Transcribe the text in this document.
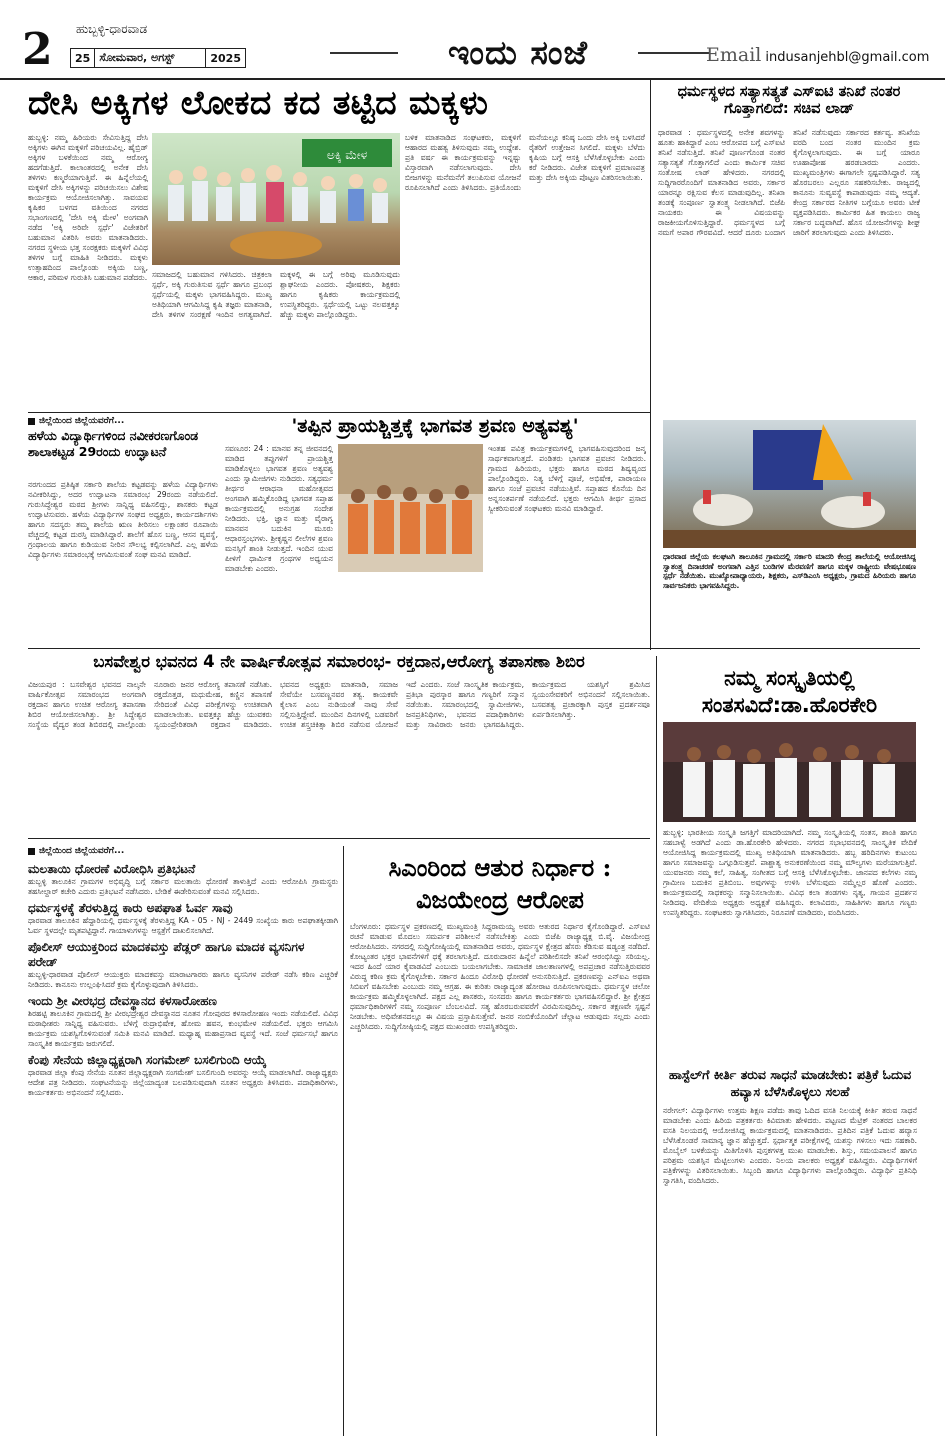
2 ಹುಬ್ಬಳ್ಳಿ-ಧಾರವಾಡ
25 ಸೋಮವಾರ, ಅಗಸ್ಟ್	2025	ಇಂದು ಸಂಜೆ	Email indusanjehbl@gmail.com
ದೇಸಿ ಅಕ್ಕಿಗಳ ಲೋಕದ ಕದ ತಟ್ಟಿದ ಮಕ್ಕಳು
ಹುಬ್ಬಳ್ಳಿ: ನಮ್ಮ ಹಿರಿಯರು ಸೇವಿಸುತ್ತಿದ್ದ ದೇಸಿ ಅಕ್ಕಿಗಳು ಈಗಿನ ಮಕ್ಕಳಿಗೆ ಪರಿಚಯವಿಲ್ಲ. ಹೈಬ್ರಿಡ್ ಅಕ್ಕಿಗಳ ಬಳಕೆಯಿಂದ ನಮ್ಮ ಆರೋಗ್ಯ ಹದಗೆಡುತ್ತಿದೆ. ಕಾಲಾಂತರದಲ್ಲಿ ಅನೇಕ ದೇಸಿ ತಳಿಗಳು ಕಣ್ಮರೆಯಾಗುತ್ತಿವೆ. ಈ ಹಿನ್ನೆಲೆಯಲ್ಲಿ ಮಕ್ಕಳಿಗೆ ದೇಸಿ ಅಕ್ಕಿಗಳನ್ನು ಪರಿಚಯಿಸಲು ವಿಶೇಷ ಕಾರ್ಯಕ್ರಮ ಆಯೋಜಿಸಲಾಗಿತ್ತು. ಸಾವಯವ ಕೃಷಿಕರ ಬಳಗದ ವತಿಯಿಂದ ನಗರದ ಸಭಾಂಗಣದಲ್ಲಿ 'ದೇಸಿ ಅಕ್ಕಿ ಮೇಳ' ಅಂಗವಾಗಿ ನಡೆದ 'ಅಕ್ಕಿ ಅರಿವೇ ಸ್ಪರ್ಧೆ' ವಿಜೇತರಿಗೆ ಬಹುಮಾನ ವಿತರಿಸಿ ಅವರು ಮಾತನಾಡಿದರು. ನಗರದ ಸ್ಥಳೀಯ ಭತ್ತ ಸಂರಕ್ಷಕರು ಮಕ್ಕಳಿಗೆ ವಿವಿಧ ತಳಿಗಳ ಬಗ್ಗೆ ಮಾಹಿತಿ ನೀಡಿದರು. ಮಕ್ಕಳು ಉತ್ಸಾಹದಿಂದ ಪಾಲ್ಗೊಂಡು ಅಕ್ಕಿಯ ಬಣ್ಣ, ಆಕಾರ, ಪರಿಮಳ ಗುರುತಿಸಿ ಬಹುಮಾನ ಪಡೆದರು.
ಅಕ್ಕಿ ಮೇಳ
ಸಮಾಜದಲ್ಲಿ ಬಹುಮಾನ ಗಳಿಸಿದರು. ಚಿತ್ರಕಲಾ ಸ್ಪರ್ಧೆ, ಅಕ್ಕಿ ಗುರುತಿಸುವ ಸ್ಪರ್ಧೆ ಹಾಗೂ ಪ್ರಬಂಧ ಸ್ಪರ್ಧೆಯಲ್ಲಿ ಮಕ್ಕಳು ಭಾಗವಹಿಸಿದ್ದರು. ಮುಖ್ಯ ಅತಿಥಿಯಾಗಿ ಆಗಮಿಸಿದ್ದ ಕೃಷಿ ತಜ್ಞರು ಮಾತನಾಡಿ, ದೇಸಿ ತಳಿಗಳ ಸಂರಕ್ಷಣೆ ಇಂದಿನ ಅಗತ್ಯವಾಗಿದೆ. ಮಕ್ಕಳಲ್ಲಿ ಈ ಬಗ್ಗೆ ಅರಿವು ಮೂಡಿಸುವುದು ಶ್ಲಾಘನೀಯ ಎಂದರು. ಪೋಷಕರು, ಶಿಕ್ಷಕರು ಹಾಗೂ ಕೃಷಿಕರು ಕಾರ್ಯಕ್ರಮದಲ್ಲಿ ಉಪಸ್ಥಿತರಿದ್ದರು. ಸ್ಪರ್ಧೆಯಲ್ಲಿ ಒಟ್ಟು ನಲವತ್ತಕ್ಕೂ ಹೆಚ್ಚು ಮಕ್ಕಳು ಪಾಲ್ಗೊಂಡಿದ್ದರು.
ಬಳಿಕ ಮಾತನಾಡಿದ ಸಂಘಟಕರು, ಮಕ್ಕಳಿಗೆ ಆಹಾರದ ಮಹತ್ವ ತಿಳಿಸುವುದು ನಮ್ಮ ಉದ್ದೇಶ. ಪ್ರತಿ ವರ್ಷ ಈ ಕಾರ್ಯಕ್ರಮವನ್ನು ಇನ್ನಷ್ಟು ವಿಸ್ತಾರವಾಗಿ ನಡೆಸಲಾಗುವುದು. ದೇಸಿ ಬೀಜಗಳನ್ನು ಮನೆಮನೆಗೆ ತಲುಪಿಸುವ ಯೋಜನೆ ರೂಪಿಸಲಾಗಿದೆ ಎಂದು ತಿಳಿಸಿದರು. ಪ್ರತಿಯೊಂದು ಮನೆಯಲ್ಲೂ ಕನಿಷ್ಠ ಒಂದು ದೇಸಿ ಅಕ್ಕಿ ಬಳಸಿದರೆ ರೈತರಿಗೆ ಉತ್ತೇಜನ ಸಿಗಲಿದೆ. ಮಕ್ಕಳು ಬೆಳೆದು ಕೃಷಿಯ ಬಗ್ಗೆ ಆಸಕ್ತಿ ಬೆಳೆಸಿಕೊಳ್ಳಬೇಕು ಎಂದು ಕರೆ ನೀಡಿದರು. ವಿಜೇತ ಮಕ್ಕಳಿಗೆ ಪ್ರಮಾಣಪತ್ರ ಮತ್ತು ದೇಸಿ ಅಕ್ಕಿಯ ಪೊಟ್ಟಣ ವಿತರಿಸಲಾಯಿತು.
ಧರ್ಮಸ್ಥಳದ ಸತ್ಯಾಸತ್ಯತೆ ಎಸ್‌ಐಟಿ ತನಿಖೆ ನಂತರ ಗೊತ್ತಾಗಲಿದೆ: ಸಚಿವ ಲಾಡ್
ಧಾರವಾಡ : ಧರ್ಮಸ್ಥಳದಲ್ಲಿ ಅನೇಕ ಶವಗಳನ್ನು ಹೂತು ಹಾಕಿದ್ದಾರೆ ಎಂಬ ಆರೋಪದ ಬಗ್ಗೆ ಎಸ್‌ಐಟಿ ತನಿಖೆ ನಡೆಸುತ್ತಿದೆ. ತನಿಖೆ ಪೂರ್ಣಗೊಂಡ ನಂತರ ಸತ್ಯಾಸತ್ಯತೆ ಗೊತ್ತಾಗಲಿದೆ ಎಂದು ಕಾರ್ಮಿಕ ಸಚಿವ ಸಂತೋಷ ಲಾಡ್ ಹೇಳಿದರು. ನಗರದಲ್ಲಿ ಸುದ್ದಿಗಾರರೊಂದಿಗೆ ಮಾತನಾಡಿದ ಅವರು, ಸರ್ಕಾರ ಯಾರನ್ನೂ ರಕ್ಷಿಸುವ ಕೆಲಸ ಮಾಡುವುದಿಲ್ಲ. ತನಿಖಾ ತಂಡಕ್ಕೆ ಸಂಪೂರ್ಣ ಸ್ವಾತಂತ್ರ್ಯ ನೀಡಲಾಗಿದೆ. ಬಿಜೆಪಿ ನಾಯಕರು ಈ ವಿಷಯವನ್ನು ರಾಜಕೀಯಗೊಳಿಸುತ್ತಿದ್ದಾರೆ. ಧರ್ಮಸ್ಥಳದ ಬಗ್ಗೆ ನಮಗೆ ಅಪಾರ ಗೌರವವಿದೆ. ಆದರೆ ದೂರು ಬಂದಾಗ ತನಿಖೆ ನಡೆಸುವುದು ಸರ್ಕಾರದ ಕರ್ತವ್ಯ. ತನಿಖೆಯ ವರದಿ ಬಂದ ನಂತರ ಮುಂದಿನ ಕ್ರಮ ಕೈಗೊಳ್ಳಲಾಗುವುದು. ಈ ಬಗ್ಗೆ ಯಾರೂ ಊಹಾಪೋಹ ಹರಡಬಾರದು ಎಂದರು. ಮುಖ್ಯಮಂತ್ರಿಗಳು ಈಗಾಗಲೇ ಸ್ಪಷ್ಟಪಡಿಸಿದ್ದಾರೆ. ಸತ್ಯ ಹೊರಬರಲು ಎಲ್ಲರೂ ಸಹಕರಿಸಬೇಕು. ರಾಜ್ಯದಲ್ಲಿ ಕಾನೂನು ಸುವ್ಯವಸ್ಥೆ ಕಾಪಾಡುವುದು ನಮ್ಮ ಆದ್ಯತೆ. ಕೇಂದ್ರ ಸರ್ಕಾರದ ನೀತಿಗಳ ಬಗ್ಗೆಯೂ ಅವರು ಟೀಕೆ ವ್ಯಕ್ತಪಡಿಸಿದರು. ಕಾರ್ಮಿಕರ ಹಿತ ಕಾಯಲು ರಾಜ್ಯ ಸರ್ಕಾರ ಬದ್ಧವಾಗಿದೆ. ಹೊಸ ಯೋಜನೆಗಳನ್ನು ಶೀಘ್ರ ಜಾರಿಗೆ ತರಲಾಗುವುದು ಎಂದು ತಿಳಿಸಿದರು.
ಜಿಲ್ಲೆಯಿಂದ ಜಿಲ್ಲೆಯವರೆಗೆ...
ಹಳೆಯ ವಿದ್ಯಾರ್ಥಿಗಳಿಂದ ನವೀಕರಣಗೊಂಡ ಶಾಲಾಕಟ್ಟಡ 29ರಂದು ಉದ್ಘಾಟನೆ
ನರಗುಂದದ ಪ್ರತಿಷ್ಠಿತ ಸರ್ಕಾರಿ ಶಾಲೆಯ ಕಟ್ಟಡವನ್ನು ಹಳೆಯ ವಿದ್ಯಾರ್ಥಿಗಳು ನವೀಕರಿಸಿದ್ದು, ಅದರ ಉದ್ಘಾಟನಾ ಸಮಾರಂಭ 29ರಂದು ನಡೆಯಲಿದೆ. ಗುರುಸಿದ್ಧೇಶ್ವರ ಮಠದ ಶ್ರೀಗಳು ಸಾನ್ನಿಧ್ಯ ವಹಿಸಲಿದ್ದು, ಶಾಸಕರು ಕಟ್ಟಡ ಉದ್ಘಾಟಿಸುವರು. ಹಳೆಯ ವಿದ್ಯಾರ್ಥಿಗಳ ಸಂಘದ ಅಧ್ಯಕ್ಷರು, ಕಾರ್ಯದರ್ಶಿಗಳು ಹಾಗೂ ಸದಸ್ಯರು ತಮ್ಮ ಶಾಲೆಯ ಋಣ ತೀರಿಸಲು ಲಕ್ಷಾಂತರ ರೂಪಾಯಿ ವೆಚ್ಚದಲ್ಲಿ ಕಟ್ಟಡ ದುರಸ್ತಿ ಮಾಡಿಸಿದ್ದಾರೆ. ಶಾಲೆಗೆ ಹೊಸ ಬಣ್ಣ, ಆಸನ ವ್ಯವಸ್ಥೆ, ಗ್ರಂಥಾಲಯ ಹಾಗೂ ಕುಡಿಯುವ ನೀರಿನ ಸೌಲಭ್ಯ ಕಲ್ಪಿಸಲಾಗಿದೆ. ಎಲ್ಲ ಹಳೆಯ ವಿದ್ಯಾರ್ಥಿಗಳು ಸಮಾರಂಭಕ್ಕೆ ಆಗಮಿಸುವಂತೆ ಸಂಘ ಮನವಿ ಮಾಡಿದೆ.
'ತಪ್ಪಿನ ಪ್ರಾಯಶ್ಚಿತ್ತಕ್ಕೆ ಭಾಗವತ ಶ್ರವಣ ಅತ್ಯವಶ್ಯ'
ಸವಣೂರ: 24 : ಮಾನವ ತನ್ನ ಜೀವನದಲ್ಲಿ ಮಾಡಿದ ತಪ್ಪುಗಳಿಗೆ ಪ್ರಾಯಶ್ಚಿತ್ತ ಮಾಡಿಕೊಳ್ಳಲು ಭಾಗವತ ಶ್ರವಣ ಅತ್ಯವಶ್ಯ ಎಂದು ಸ್ವಾಮೀಜಿಗಳು ನುಡಿದರು. ಸತ್ಯಧರ್ಮ ತೀರ್ಥರ ಆರಾಧನಾ ಮಹೋತ್ಸವದ ಅಂಗವಾಗಿ ಹಮ್ಮಿಕೊಂಡಿದ್ದ ಭಾಗವತ ಸಪ್ತಾಹ ಕಾರ್ಯಕ್ರಮದಲ್ಲಿ ಅನುಗ್ರಹ ಸಂದೇಶ ನೀಡಿದರು. ಭಕ್ತಿ, ಜ್ಞಾನ ಮತ್ತು ವೈರಾಗ್ಯ ಮಾನವನ ಬದುಕಿನ ಮೂರು ಆಧಾರಸ್ತಂಭಗಳು. ಶ್ರೀಕೃಷ್ಣನ ಲೀಲೆಗಳ ಶ್ರವಣ ಮನಸ್ಸಿಗೆ ಶಾಂತಿ ನೀಡುತ್ತದೆ. ಇಂದಿನ ಯುವ ಪೀಳಿಗೆ ಧಾರ್ಮಿಕ ಗ್ರಂಥಗಳ ಅಧ್ಯಯನ ಮಾಡಬೇಕು ಎಂದರು.
ಇಂತಹ ಪವಿತ್ರ ಕಾರ್ಯಕ್ರಮಗಳಲ್ಲಿ ಭಾಗವಹಿಸುವುದರಿಂದ ಜನ್ಮ ಸಾರ್ಥಕವಾಗುತ್ತದೆ. ಪಂಡಿತರು ಭಾಗವತ ಪ್ರವಚನ ನೀಡಿದರು. ಗ್ರಾಮದ ಹಿರಿಯರು, ಭಕ್ತರು ಹಾಗೂ ಮಠದ ಶಿಷ್ಯವೃಂದ ಪಾಲ್ಗೊಂಡಿದ್ದರು. ನಿತ್ಯ ಬೆಳಿಗ್ಗೆ ಪೂಜೆ, ಅಭಿಷೇಕ, ಪಾರಾಯಣ ಹಾಗೂ ಸಂಜೆ ಪ್ರವಚನ ನಡೆಯುತ್ತಿವೆ. ಸಪ್ತಾಹದ ಕೊನೆಯ ದಿನ ಅನ್ನಸಂತರ್ಪಣೆ ನಡೆಯಲಿದೆ. ಭಕ್ತರು ಆಗಮಿಸಿ ತೀರ್ಥ ಪ್ರಸಾದ ಸ್ವೀಕರಿಸುವಂತೆ ಸಂಘಟಕರು ಮನವಿ ಮಾಡಿದ್ದಾರೆ.
ಧಾರವಾಡ ಜಿಲ್ಲೆಯ ಕಲಘಟಗಿ ತಾಲೂಕಿನ ಗ್ರಾಮದಲ್ಲಿ ಸರ್ಕಾರಿ ಮಾದರಿ ಕೇಂದ್ರ ಶಾಲೆಯಲ್ಲಿ ಆಯೋಜಿಸಿದ್ದ ಸ್ವಾತಂತ್ರ್ಯ ದಿನಾಚರಣೆ ಅಂಗವಾಗಿ ಎತ್ತಿನ ಬಂಡಿಗಳ ಮೆರವಣಿಗೆ ಹಾಗೂ ಮಕ್ಕಳ ರಾಷ್ಟ್ರೀಯ ವೇಷಭೂಷಣ ಸ್ಪರ್ಧೆ ನಡೆಯಿತು. ಮುಖ್ಯೋಪಾಧ್ಯಾಯರು, ಶಿಕ್ಷಕರು, ಎಸ್‌ಡಿಎಂಸಿ ಅಧ್ಯಕ್ಷರು, ಗ್ರಾಮದ ಹಿರಿಯರು ಹಾಗೂ ಸಾರ್ವಜನಿಕರು ಭಾಗವಹಿಸಿದ್ದರು.
ಬಸವೇಶ್ವರ ಭವನದ 4 ನೇ ವಾರ್ಷಿಕೋತ್ಸವ ಸಮಾರಂಭ- ರಕ್ತದಾನ,ಆರೋಗ್ಯ ತಪಾಸಣಾ ಶಿಬಿರ
ವಿಜಯಪುರ : ಬಸವೇಶ್ವರ ಭವನದ ನಾಲ್ಕನೇ ವಾರ್ಷಿಕೋತ್ಸವ ಸಮಾರಂಭದ ಅಂಗವಾಗಿ ರಕ್ತದಾನ ಹಾಗೂ ಉಚಿತ ಆರೋಗ್ಯ ತಪಾಸಣಾ ಶಿಬಿರ ಆಯೋಜಿಸಲಾಗಿತ್ತು. ಶ್ರೀ ಸಿದ್ಧೇಶ್ವರ ಸಂಸ್ಥೆಯ ವೈದ್ಯರ ತಂಡ ಶಿಬಿರದಲ್ಲಿ ಪಾಲ್ಗೊಂಡು ನೂರಾರು ಜನರ ಆರೋಗ್ಯ ತಪಾಸಣೆ ನಡೆಸಿತು. ರಕ್ತದೊತ್ತಡ, ಮಧುಮೇಹ, ಕಣ್ಣಿನ ತಪಾಸಣೆ ಸೇರಿದಂತೆ ವಿವಿಧ ಪರೀಕ್ಷೆಗಳನ್ನು ಉಚಿತವಾಗಿ ಮಾಡಲಾಯಿತು. ಐವತ್ತಕ್ಕೂ ಹೆಚ್ಚು ಯುವಕರು ಸ್ವಯಂಪ್ರೇರಿತರಾಗಿ ರಕ್ತದಾನ ಮಾಡಿದರು. ಭವನದ ಅಧ್ಯಕ್ಷರು ಮಾತನಾಡಿ, ಸಮಾಜ ಸೇವೆಯೇ ಬಸವಣ್ಣನವರ ತತ್ವ. ಕಾಯಕವೇ ಕೈಲಾಸ ಎಂಬ ನುಡಿಯಂತೆ ನಾವು ಸೇವೆ ಸಲ್ಲಿಸುತ್ತಿದ್ದೇವೆ. ಮುಂದಿನ ದಿನಗಳಲ್ಲಿ ಬಡವರಿಗೆ ಉಚಿತ ಶಸ್ತ್ರಚಿಕಿತ್ಸಾ ಶಿಬಿರ ನಡೆಸುವ ಯೋಜನೆ ಇದೆ ಎಂದರು. ಸಂಜೆ ಸಾಂಸ್ಕೃತಿಕ ಕಾರ್ಯಕ್ರಮ, ಪ್ರತಿಭಾ ಪುರಸ್ಕಾರ ಹಾಗೂ ಗಣ್ಯರಿಗೆ ಸನ್ಮಾನ ನಡೆಯಿತು. ಸಮಾರಂಭದಲ್ಲಿ ಸ್ವಾಮೀಜಿಗಳು, ಜನಪ್ರತಿನಿಧಿಗಳು, ಭವನದ ಪದಾಧಿಕಾರಿಗಳು ಮತ್ತು ಸಾವಿರಾರು ಜನರು ಭಾಗವಹಿಸಿದ್ದರು. ಕಾರ್ಯಕ್ರಮದ ಯಶಸ್ಸಿಗೆ ಶ್ರಮಿಸಿದ ಸ್ವಯಂಸೇವಕರಿಗೆ ಅಭಿನಂದನೆ ಸಲ್ಲಿಸಲಾಯಿತು. ಬಸವತತ್ವ ಪ್ರಚಾರಕ್ಕಾಗಿ ಪುಸ್ತಕ ಪ್ರದರ್ಶನವೂ ಏರ್ಪಡಿಸಲಾಗಿತ್ತು.
ನಮ್ಮ ಸಂಸ್ಕೃತಿಯಲ್ಲಿ ಸಂತಸವಿದೆ:ಡಾ.ಹೊರಕೇರಿ
ಹುಬ್ಬಳ್ಳಿ: ಭಾರತೀಯ ಸಂಸ್ಕೃತಿ ಜಗತ್ತಿಗೆ ಮಾದರಿಯಾಗಿದೆ. ನಮ್ಮ ಸಂಸ್ಕೃತಿಯಲ್ಲಿ ಸಂತಸ, ಶಾಂತಿ ಹಾಗೂ ಸಹಬಾಳ್ವೆ ಅಡಗಿದೆ ಎಂದು ಡಾ.ಹೊರಕೇರಿ ಹೇಳಿದರು. ನಗರದ ಸಭಾಭವನದಲ್ಲಿ ಸಾಂಸ್ಕೃತಿಕ ವೇದಿಕೆ ಆಯೋಜಿಸಿದ್ದ ಕಾರ್ಯಕ್ರಮದಲ್ಲಿ ಮುಖ್ಯ ಅತಿಥಿಯಾಗಿ ಮಾತನಾಡಿದರು. ಹಬ್ಬ ಹರಿದಿನಗಳು ಕುಟುಂಬ ಹಾಗೂ ಸಮಾಜವನ್ನು ಒಗ್ಗೂಡಿಸುತ್ತವೆ. ಪಾಶ್ಚಾತ್ಯ ಅನುಕರಣೆಯಿಂದ ನಮ್ಮ ಮೌಲ್ಯಗಳು ಮರೆಯಾಗುತ್ತಿವೆ. ಯುವಜನರು ನಮ್ಮ ಕಲೆ, ಸಾಹಿತ್ಯ, ಸಂಗೀತದ ಬಗ್ಗೆ ಆಸಕ್ತಿ ಬೆಳೆಸಿಕೊಳ್ಳಬೇಕು. ಜಾನಪದ ಕಲೆಗಳು ನಮ್ಮ ಗ್ರಾಮೀಣ ಬದುಕಿನ ಪ್ರತಿಬಿಂಬ. ಅವುಗಳನ್ನು ಉಳಿಸಿ ಬೆಳೆಸುವುದು ನಮ್ಮೆಲ್ಲರ ಹೊಣೆ ಎಂದರು. ಕಾರ್ಯಕ್ರಮದಲ್ಲಿ ಸಾಧಕರನ್ನು ಸನ್ಮಾನಿಸಲಾಯಿತು. ವಿವಿಧ ಕಲಾ ತಂಡಗಳು ನೃತ್ಯ, ಗಾಯನ ಪ್ರದರ್ಶನ ನೀಡಿದವು. ವೇದಿಕೆಯ ಅಧ್ಯಕ್ಷರು ಅಧ್ಯಕ್ಷತೆ ವಹಿಸಿದ್ದರು. ಕಲಾವಿದರು, ಸಾಹಿತಿಗಳು ಹಾಗೂ ಗಣ್ಯರು ಉಪಸ್ಥಿತರಿದ್ದರು. ಸಂಘಟಕರು ಸ್ವಾಗತಿಸಿದರು, ನಿರೂಪಣೆ ಮಾಡಿದರು, ವಂದಿಸಿದರು.
ಹಾಸ್ಟೆಲ್‌ಗೆ ಕೀರ್ತಿ ತರುವ ಸಾಧನೆ ಮಾಡಬೇಕು: ಪತ್ರಿಕೆ ಓದುವ ಹವ್ಯಾಸ ಬೆಳೆಸಿಕೊಳ್ಳಲು ಸಲಹೆ
ನರೇಗಲ್: ವಿದ್ಯಾರ್ಥಿಗಳು ಉತ್ತಮ ಶಿಕ್ಷಣ ಪಡೆದು ತಾವು ಓದಿದ ವಸತಿ ನಿಲಯಕ್ಕೆ ಕೀರ್ತಿ ತರುವ ಸಾಧನೆ ಮಾಡಬೇಕು ಎಂದು ಹಿರಿಯ ಪತ್ರಕರ್ತರು ಕಿವಿಮಾತು ಹೇಳಿದರು. ಪಟ್ಟಣದ ಮೆಟ್ರಿಕ್ ನಂತರದ ಬಾಲಕರ ವಸತಿ ನಿಲಯದಲ್ಲಿ ಆಯೋಜಿಸಿದ್ದ ಕಾರ್ಯಕ್ರಮದಲ್ಲಿ ಮಾತನಾಡಿದರು. ಪ್ರತಿದಿನ ಪತ್ರಿಕೆ ಓದುವ ಹವ್ಯಾಸ ಬೆಳೆಸಿಕೊಂಡರೆ ಸಾಮಾನ್ಯ ಜ್ಞಾನ ಹೆಚ್ಚುತ್ತದೆ. ಸ್ಪರ್ಧಾತ್ಮಕ ಪರೀಕ್ಷೆಗಳಲ್ಲಿ ಯಶಸ್ಸು ಗಳಿಸಲು ಇದು ಸಹಕಾರಿ. ಮೊಬೈಲ್ ಬಳಕೆಯನ್ನು ಮಿತಿಗೊಳಿಸಿ ಪುಸ್ತಕಗಳತ್ತ ಮುಖ ಮಾಡಬೇಕು. ಶಿಸ್ತು, ಸಮಯಪಾಲನೆ ಹಾಗೂ ಪರಿಶ್ರಮ ಯಶಸ್ಸಿನ ಮೆಟ್ಟಿಲುಗಳು ಎಂದರು. ನಿಲಯ ಪಾಲಕರು ಅಧ್ಯಕ್ಷತೆ ವಹಿಸಿದ್ದರು. ವಿದ್ಯಾರ್ಥಿಗಳಿಗೆ ಪತ್ರಿಕೆಗಳನ್ನು ವಿತರಿಸಲಾಯಿತು. ಸಿಬ್ಬಂದಿ ಹಾಗೂ ವಿದ್ಯಾರ್ಥಿಗಳು ಪಾಲ್ಗೊಂಡಿದ್ದರು. ವಿದ್ಯಾರ್ಥಿ ಪ್ರತಿನಿಧಿ ಸ್ವಾಗತಿಸಿ, ವಂದಿಸಿದರು.
ಜಿಲ್ಲೆಯಿಂದ ಜಿಲ್ಲೆಯವರೆಗೆ...
ಮಲತಾಯಿ ಧೋರಣೆ ವಿರೋಧಿಸಿ ಪ್ರತಿಭಟನೆ
ಹುಬ್ಬಳ್ಳಿ ತಾಲೂಕಿನ ಗ್ರಾಮಗಳ ಅಭಿವೃದ್ಧಿ ಬಗ್ಗೆ ಸರ್ಕಾರ ಮಲತಾಯಿ ಧೋರಣೆ ತಾಳುತ್ತಿದೆ ಎಂದು ಆರೋಪಿಸಿ ಗ್ರಾಮಸ್ಥರು ತಹಸೀಲ್ದಾರ್ ಕಚೇರಿ ಎದುರು ಪ್ರತಿಭಟನೆ ನಡೆಸಿದರು. ಬೇಡಿಕೆ ಈಡೇರಿಸುವಂತೆ ಮನವಿ ಸಲ್ಲಿಸಿದರು.
ಧರ್ಮಸ್ಥಳಕ್ಕೆ ತೆರಳುತ್ತಿದ್ದ ಕಾರು ಅಪಘಾತ ಓರ್ವ ಸಾವು
ಧಾರವಾಡ ತಾಲೂಕಿನ ಹೆದ್ದಾರಿಯಲ್ಲಿ ಧರ್ಮಸ್ಥಳಕ್ಕೆ ತೆರಳುತ್ತಿದ್ದ KA - 05 - NJ - 2449 ಸಂಖ್ಯೆಯ ಕಾರು ಅಪಘಾತಕ್ಕೀಡಾಗಿ ಓರ್ವ ಸ್ಥಳದಲ್ಲೇ ಮೃತಪಟ್ಟಿದ್ದಾನೆ. ಗಾಯಾಳುಗಳನ್ನು ಆಸ್ಪತ್ರೆಗೆ ದಾಖಲಿಸಲಾಗಿದೆ.
ಪೊಲೀಸ್ ಆಯುಕ್ತರಿಂದ ಮಾದಕವಸ್ತು ಪೆಡ್ಲರ್ ಹಾಗೂ ಮಾದಕ ವ್ಯಸನಿಗಳ ಪರೇಡ್
ಹುಬ್ಬಳ್ಳಿ-ಧಾರವಾಡ ಪೊಲೀಸ್ ಆಯುಕ್ತರು ಮಾದಕವಸ್ತು ಮಾರಾಟಗಾರರು ಹಾಗೂ ವ್ಯಸನಿಗಳ ಪರೇಡ್ ನಡೆಸಿ ಕಠಿಣ ಎಚ್ಚರಿಕೆ ನೀಡಿದರು. ಕಾನೂನು ಉಲ್ಲಂಘಿಸಿದರೆ ಕ್ರಮ ಕೈಗೊಳ್ಳುವುದಾಗಿ ತಿಳಿಸಿದರು.
ಇಂದು ಶ್ರೀ ವೀರಭದ್ರ ದೇವಸ್ಥಾನದ ಕಳಸಾರೋಹಣ
ಶಿರಹಟ್ಟಿ ತಾಲೂಕಿನ ಗ್ರಾಮದಲ್ಲಿ ಶ್ರೀ ವೀರಭದ್ರೇಶ್ವರ ದೇವಸ್ಥಾನದ ನೂತನ ಗೋಪುರದ ಕಳಸಾರೋಹಣ ಇಂದು ನಡೆಯಲಿದೆ. ವಿವಿಧ ಮಠಾಧೀಶರು ಸಾನ್ನಿಧ್ಯ ವಹಿಸುವರು. ಬೆಳಿಗ್ಗೆ ರುದ್ರಾಭಿಷೇಕ, ಹೋಮ ಹವನ, ಕುಂಭಮೇಳ ನಡೆಯಲಿದೆ. ಭಕ್ತರು ಆಗಮಿಸಿ ಕಾರ್ಯಕ್ರಮ ಯಶಸ್ವಿಗೊಳಿಸುವಂತೆ ಸಮಿತಿ ಮನವಿ ಮಾಡಿದೆ. ಮಧ್ಯಾಹ್ನ ಮಹಾಪ್ರಸಾದ ವ್ಯವಸ್ಥೆ ಇದೆ. ಸಂಜೆ ಧರ್ಮಸಭೆ ಹಾಗೂ ಸಾಂಸ್ಕೃತಿಕ ಕಾರ್ಯಕ್ರಮ ಜರುಗಲಿದೆ.
ಕೆಂಪು ಸೇನೆಯ ಜಿಲ್ಲಾಧ್ಯಕ್ಷರಾಗಿ ಸಂಗಮೇಶ್ ಬಸಲಿಗುಂದಿ ಆಯ್ಕೆ
ಧಾರವಾಡ ಜಿಲ್ಲಾ ಕೆಂಪು ಸೇನೆಯ ನೂತನ ಜಿಲ್ಲಾಧ್ಯಕ್ಷರಾಗಿ ಸಂಗಮೇಶ್ ಬಸಲಿಗುಂದಿ ಅವರನ್ನು ಆಯ್ಕೆ ಮಾಡಲಾಗಿದೆ. ರಾಜ್ಯಾಧ್ಯಕ್ಷರು ಆದೇಶ ಪತ್ರ ನೀಡಿದರು. ಸಂಘಟನೆಯನ್ನು ಜಿಲ್ಲೆಯಾದ್ಯಂತ ಬಲಪಡಿಸುವುದಾಗಿ ನೂತನ ಅಧ್ಯಕ್ಷರು ತಿಳಿಸಿದರು. ಪದಾಧಿಕಾರಿಗಳು, ಕಾರ್ಯಕರ್ತರು ಅಭಿನಂದನೆ ಸಲ್ಲಿಸಿದರು.
ಸಿಎಂರಿಂದ ಆತುರ ನಿರ್ಧಾರ :
ವಿಜಯೇಂದ್ರ ಆರೋಪ
ಬೆಂಗಳೂರು: ಧರ್ಮಸ್ಥಳ ಪ್ರಕರಣದಲ್ಲಿ ಮುಖ್ಯಮಂತ್ರಿ ಸಿದ್ದರಾಮಯ್ಯ ಅವರು ಆತುರದ ನಿರ್ಧಾರ ಕೈಗೊಂಡಿದ್ದಾರೆ. ಎಸ್‌ಐಟಿ ರಚನೆ ಮಾಡುವ ಮೊದಲು ಸಮರ್ಪಕ ಪರಿಶೀಲನೆ ನಡೆಸಬೇಕಿತ್ತು ಎಂದು ಬಿಜೆಪಿ ರಾಜ್ಯಾಧ್ಯಕ್ಷ ಬಿ.ವೈ. ವಿಜಯೇಂದ್ರ ಆರೋಪಿಸಿದರು. ನಗರದಲ್ಲಿ ಸುದ್ದಿಗೋಷ್ಠಿಯಲ್ಲಿ ಮಾತನಾಡಿದ ಅವರು, ಧರ್ಮಸ್ಥಳ ಕ್ಷೇತ್ರದ ಹೆಸರು ಕೆಡಿಸುವ ಷಡ್ಯಂತ್ರ ನಡೆದಿದೆ. ಕೋಟ್ಯಂತರ ಭಕ್ತರ ಭಾವನೆಗಳಿಗೆ ಧಕ್ಕೆ ತರಲಾಗುತ್ತಿದೆ. ದೂರುದಾರನ ಹಿನ್ನೆಲೆ ಪರಿಶೀಲಿಸದೇ ತನಿಖೆ ಆರಂಭಿಸಿದ್ದು ಸರಿಯಲ್ಲ. ಇದರ ಹಿಂದೆ ಯಾರ ಕೈವಾಡವಿದೆ ಎಂಬುದು ಬಯಲಾಗಬೇಕು. ಸಾಮಾಜಿಕ ಜಾಲತಾಣಗಳಲ್ಲಿ ಅಪಪ್ರಚಾರ ನಡೆಸುತ್ತಿರುವವರ ವಿರುದ್ಧ ಕಠಿಣ ಕ್ರಮ ಕೈಗೊಳ್ಳಬೇಕು. ಸರ್ಕಾರ ಹಿಂದೂ ವಿರೋಧಿ ಧೋರಣೆ ಅನುಸರಿಸುತ್ತಿದೆ. ಪ್ರಕರಣವನ್ನು ಎನ್‌ಐಎ ಅಥವಾ ಸಿಬಿಐಗೆ ವಹಿಸಬೇಕು ಎಂಬುದು ನಮ್ಮ ಆಗ್ರಹ. ಈ ಕುರಿತು ರಾಜ್ಯಾದ್ಯಂತ ಹೋರಾಟ ರೂಪಿಸಲಾಗುವುದು. ಧರ್ಮಸ್ಥಳ ಚಲೋ ಕಾರ್ಯಕ್ರಮ ಹಮ್ಮಿಕೊಳ್ಳಲಾಗಿದೆ. ಪಕ್ಷದ ಎಲ್ಲ ಶಾಸಕರು, ಸಂಸದರು ಹಾಗೂ ಕಾರ್ಯಕರ್ತರು ಭಾಗವಹಿಸಲಿದ್ದಾರೆ. ಶ್ರೀ ಕ್ಷೇತ್ರದ ಧರ್ಮಾಧಿಕಾರಿಗಳಿಗೆ ನಮ್ಮ ಸಂಪೂರ್ಣ ಬೆಂಬಲವಿದೆ. ಸತ್ಯ ಹೊರಬರುವವರೆಗೆ ವಿರಮಿಸುವುದಿಲ್ಲ. ಸರ್ಕಾರ ತಕ್ಷಣವೇ ಸ್ಪಷ್ಟನೆ ನೀಡಬೇಕು. ಅಧಿವೇಶನದಲ್ಲೂ ಈ ವಿಷಯ ಪ್ರಸ್ತಾಪಿಸುತ್ತೇವೆ. ಜನರ ನಂಬಿಕೆಯೊಂದಿಗೆ ಚೆಲ್ಲಾಟ ಆಡುವುದು ಸಲ್ಲದು ಎಂದು ಎಚ್ಚರಿಸಿದರು. ಸುದ್ದಿಗೋಷ್ಠಿಯಲ್ಲಿ ಪಕ್ಷದ ಮುಖಂಡರು ಉಪಸ್ಥಿತರಿದ್ದರು.
